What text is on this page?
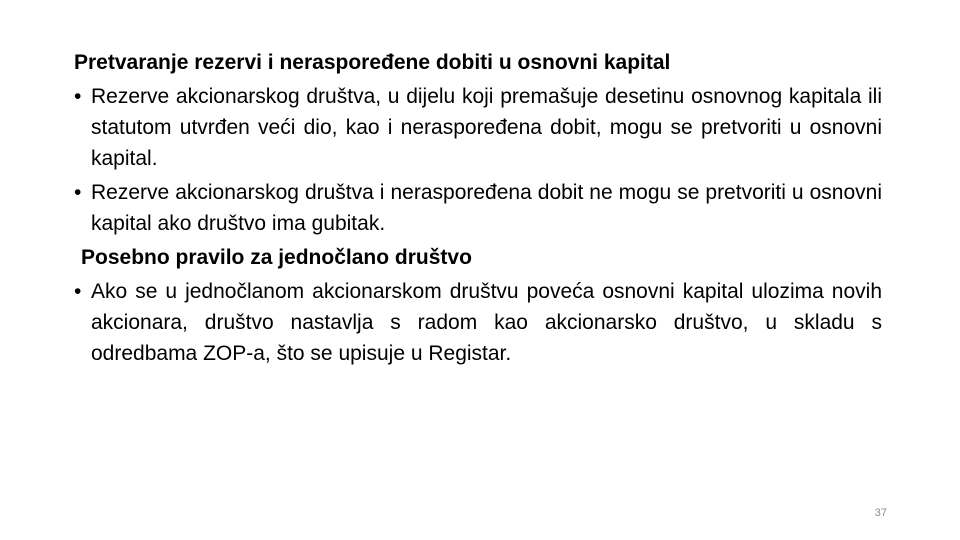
Pretvaranje rezervi i neraspoređene dobiti u osnovni kapital
• Rezerve akcionarskog društva, u dijelu koji premašuje desetinu osnovnog kapitala ili statutom utvrđen veći dio, kao i neraspoređena dobit, mogu se pretvoriti u osnovni kapital.
• Rezerve akcionarskog društva i neraspoređena dobit ne mogu se pretvoriti u osnovni kapital ako društvo ima gubitak.
Posebno pravilo za jednočlano društvo
• Ako se u jednočlanom akcionarskom društvu poveća osnovni kapital ulozima novih akcionara, društvo nastavlja s radom kao akcionarsko društvo, u skladu s odredbama ZOP-a, što se upisuje u Registar.
37
